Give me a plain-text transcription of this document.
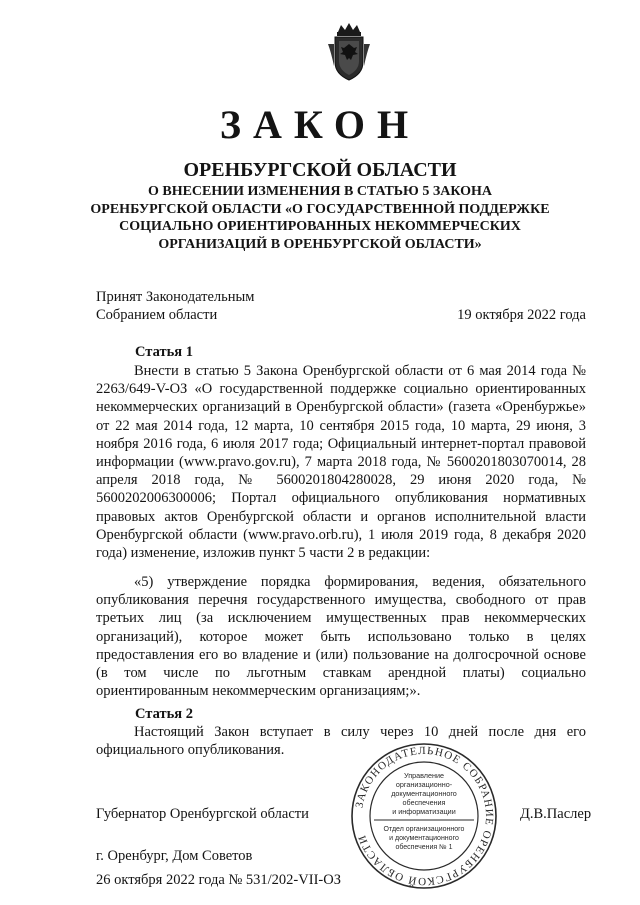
ЗАКОН
ОРЕНБУРГСКОЙ ОБЛАСТИ
О ВНЕСЕНИИ ИЗМЕНЕНИЯ В СТАТЬЮ 5 ЗАКОНА
ОРЕНБУРГСКОЙ ОБЛАСТИ «О ГОСУДАРСТВЕННОЙ ПОДДЕРЖКЕ
СОЦИАЛЬНО ОРИЕНТИРОВАННЫХ НЕКОММЕРЧЕСКИХ
ОРГАНИЗАЦИЙ В ОРЕНБУРГСКОЙ ОБЛАСТИ»
Принят Законодательным
Собранием области	19 октября 2022 года
Статья 1

Внести в статью 5 Закона Оренбургской области от 6 мая 2014 года № 2263/649-V-ОЗ «О государственной поддержке социально ориентированных некоммерческих организаций в Оренбургской области» (газета «Оренбуржье» от 22 мая 2014 года, 12 марта, 10 сентября 2015 года, 10 марта, 29 июня, 3 ноября 2016 года, 6 июля 2017 года; Официальный интернет-портал правовой информации (www.pravo.gov.ru), 7 марта 2018 года, № 5600201803070014, 28 апреля 2018 года, № 5600201804280028, 29 июня 2020 года, № 5600202006300006; Портал официального опубликования нормативных правовых актов Оренбургской области и органов исполнительной власти Оренбургской области (www.pravo.orb.ru), 1 июля 2019 года, 8 декабря 2020 года) изменение, изложив пункт 5 части 2 в редакции:

«5) утверждение порядка формирования, ведения, обязательного опубликования перечня государственного имущества, свободного от прав третьих лиц (за исключением имущественных прав некоммерческих организаций), которое может быть использовано только в целях предоставления его во владение и (или) пользование на долгосрочной основе (в том числе по льготным ставкам арендной платы) социально ориентированным некоммерческим организациям;».

Статья 2

Настоящий Закон вступает в силу через 10 дней после дня его официального опубликования.

ЗАКОНОДАТЕЛЬНОЕ СОБРАНИЕ ОРЕНБУРГСКОЙ ОБЛАСТИ
Управление
организационно-
документационного
обеспечения
и информатизации
Отдел организационного
и документационного
обеспечения № 1
Губернатор Оренбургской области	Д.В.Паслер
г. Оренбург, Дом Советов
26 октября 2022 года № 531/202-VII-ОЗ
